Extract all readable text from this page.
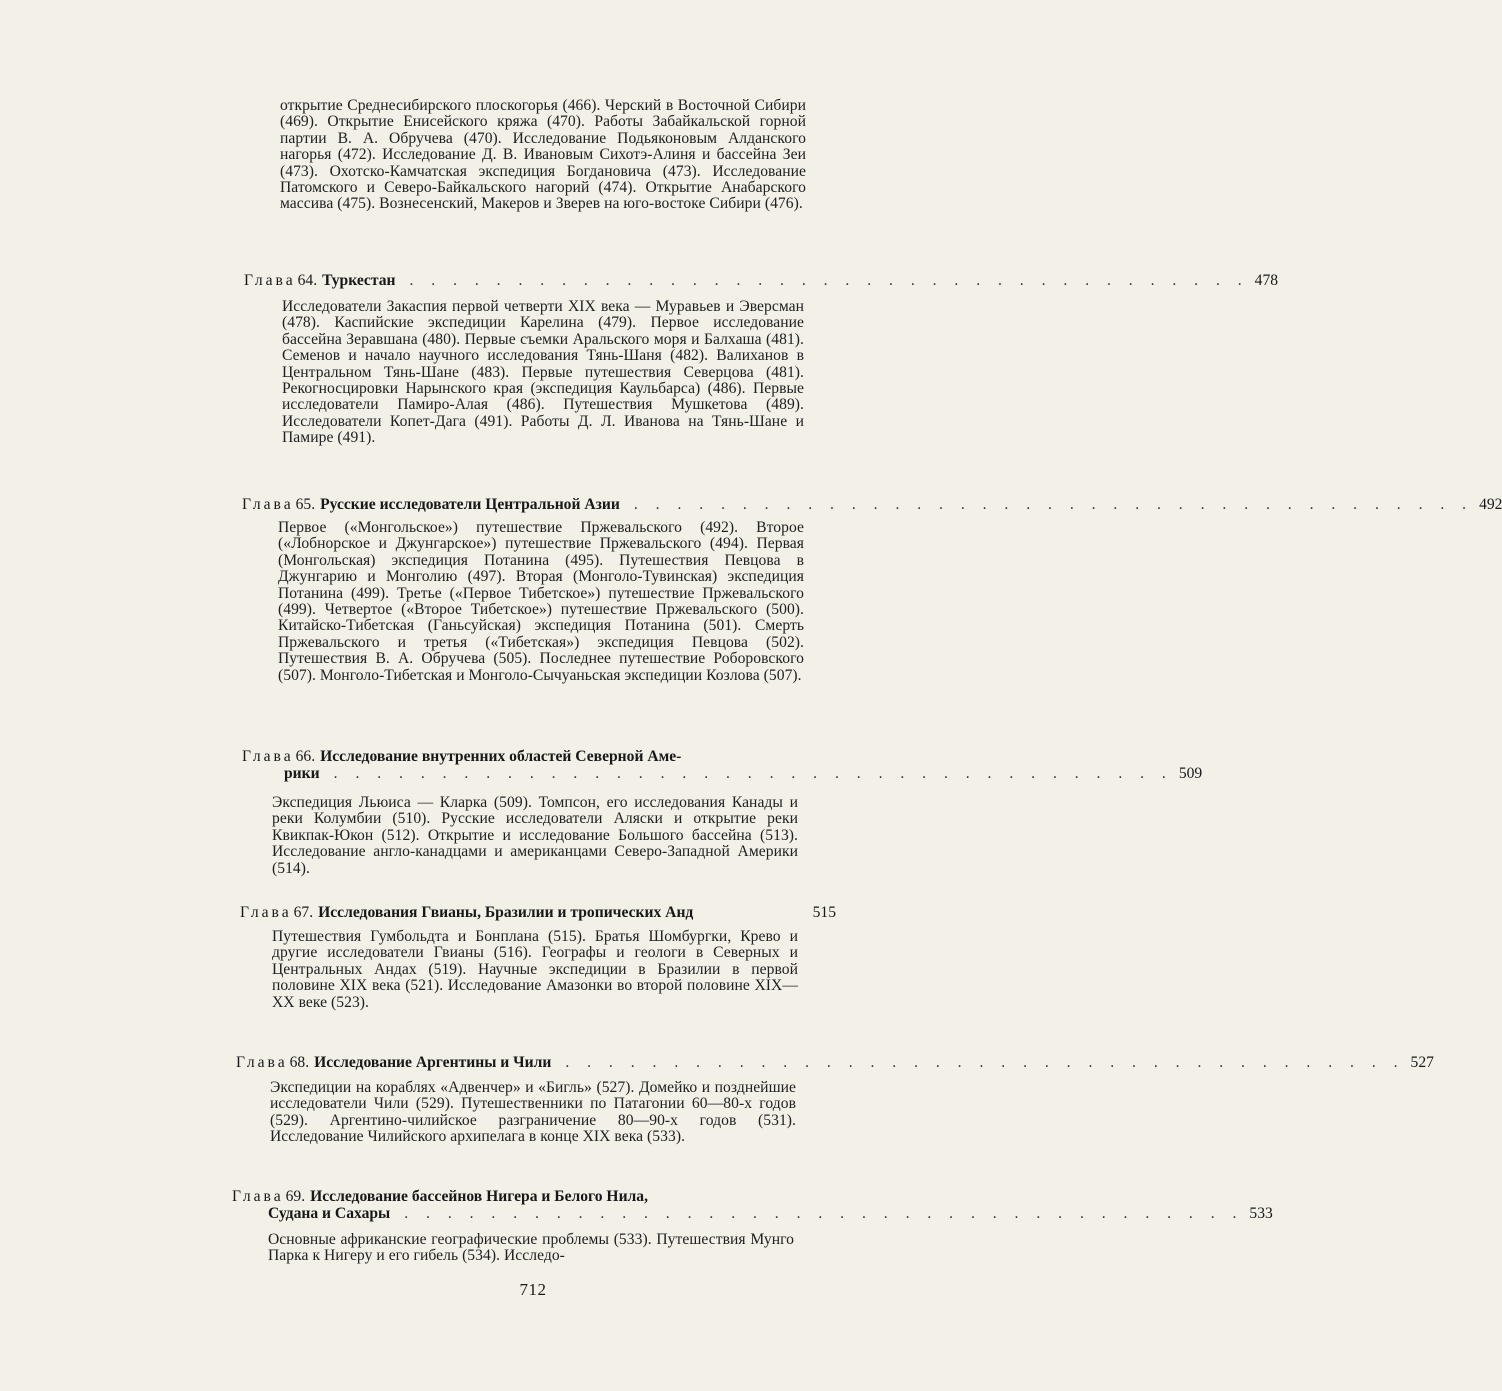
открытие Среднесибирского плоскогорья (466). Черский в Восточной Сибири (469). Открытие Енисейского кряжа (470). Работы Забайкальской горной партии В. А. Обручева (470). Исследование Подьяконовым Алданского нагорья (472). Исследование Д. В. Ивановым Сихотэ-Алиня и бассейна Зеи (473). Охотско-Камчатская экспедиция Богдановича (473). Исследование Патомского и Северо-Байкальского нагорий (474). Открытие Анабарского массива (475). Вознесенский, Макеров и Зверев на юго-востоке Сибири (476).

Глава 64. Туркестан . . . . . . . . . . . . . . . . . . . . . . . . . . . . . . . . . . . . . . . 478

Исследователи Закаспия первой четверти XIX века — Муравьев и Эверсман (478). Каспийские экспедиции Карелина (479). Первое исследование бассейна Зеравшана (480). Первые съемки Аральского моря и Балхаша (481). Семенов и начало научного исследования Тянь-Шаня (482). Валиханов в Центральном Тянь-Шане (483). Первые путешествия Северцова (481). Рекогносцировки Нарынского края (экспедиция Каульбарса) (486). Первые исследователи Памиро-Алая (486). Путешествия Мушкетова (489). Исследователи Копет-Дага (491). Работы Д. Л. Иванова на Тянь-Шане и Памире (491).

Глава 65. Русские исследователи Центральной Азии . . . . . . . . . . . . . . . . . . . . . . . . . . . . . . . . . . . . . . . 492

Первое («Монгольское») путешествие Пржевальского (492). Второе («Лобнорское и Джунгарское») путешествие Пржевальского (494). Первая (Монгольская) экспедиция Потанина (495). Путешествия Певцова в Джунгарию и Монголию (497). Вторая (Монголо-Тувинская) экспедиция Потанина (499). Третье («Первое Тибетское») путешествие Пржевальского (499). Четвертое («Второе Тибетское») путешествие Пржевальского (500). Китайско-Тибетская (Ганьсуйская) экспедиция Потанина (501). Смерть Пржевальского и третья («Тибетская») экспедиция Певцова (502). Путешествия В. А. Обручева (505). Последнее путешествие Роборовского (507). Монголо-Тибетская и Монголо-Сычуаньская экспедиции Козлова (507).

Глава 66. Исследование внутренних областей Северной Аме-
рики . . . . . . . . . . . . . . . . . . . . . . . . . . . . . . . . . . . . . . . 509

Экспедиция Льюиса — Кларка (509). Томпсон, его исследования Канады и реки Колумбии (510). Русские исследователи Аляски и открытие реки Квикпак-Юкон (512). Открытие и исследование Большого бассейна (513). Исследование англо-канадцами и американцами Северо-Западной Америки (514).

Глава 67. Исследования Гвианы, Бразилии и тропических Анд	515

Путешествия Гумбольдта и Бонплана (515). Братья Шомбургки, Крево и другие исследователи Гвианы (516). Географы и геологи в Северных и Центральных Андах (519). Научные экспедиции в Бразилии в первой половине XIX века (521). Исследование Амазонки во второй половине XIX—XX веке (523).

Глава 68. Исследование Аргентины и Чили . . . . . . . . . . . . . . . . . . . . . . . . . . . . . . . . . . . . . . . 527

Экспедиции на кораблях «Адвенчер» и «Бигль» (527). Домейко и позднейшие исследователи Чили (529). Путешественники по Патагонии 60—80-х годов (529). Аргентино-чилийское разграничение 80—90-х годов (531). Исследование Чилийского архипелага в конце XIX века (533).

Глава 69. Исследование бассейнов Нигера и Белого Нила,
Судана и Сахары . . . . . . . . . . . . . . . . . . . . . . . . . . . . . . . . . . . . . . . 533

Основные африканские географические проблемы (533). Путешествия Мунго Парка к Нигеру и его гибель (534). Исследо-

712
